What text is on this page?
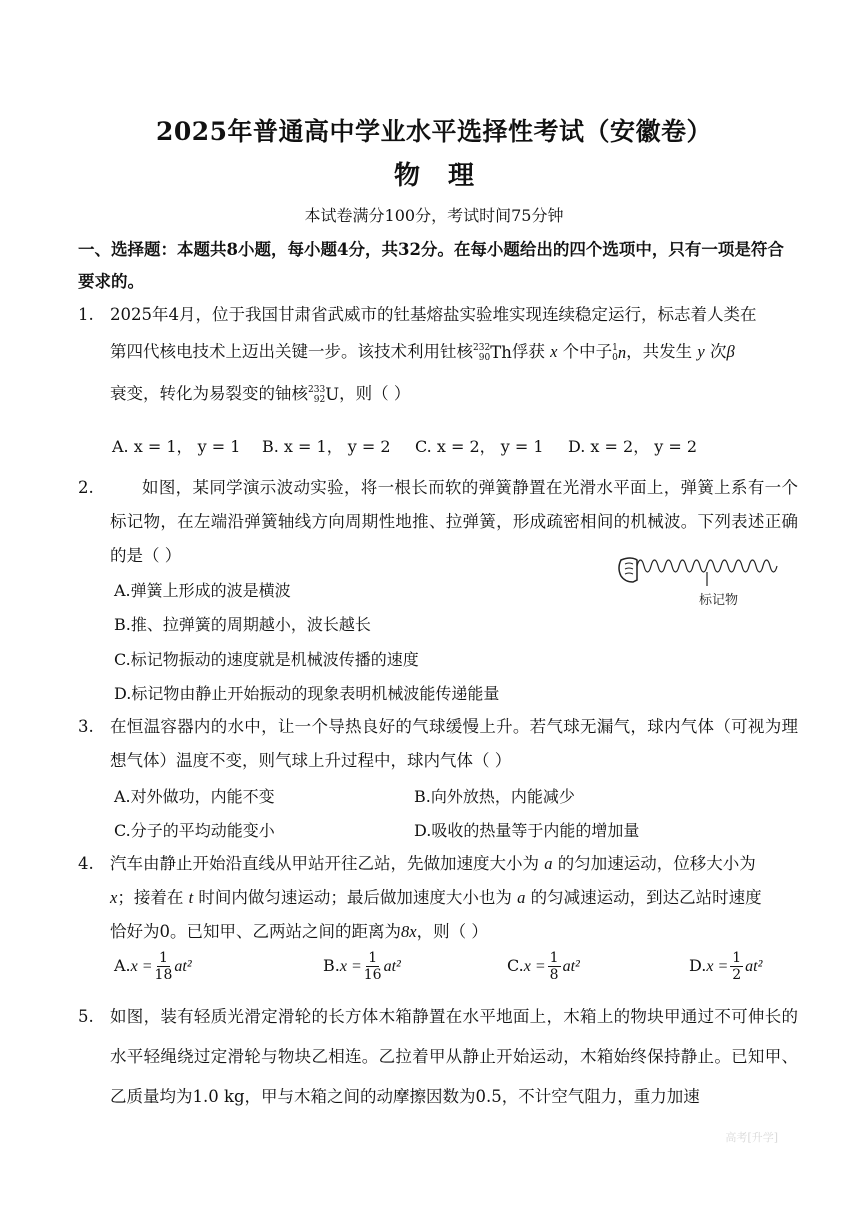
2025年普通高中学业水平选择性考试（安徽卷）
物理
本试卷满分100分，考试时间75分钟
一、选择题：本题共8小题，每小题4分，共32分。在每小题给出的四个选项中，只有一项是符合要求的。
1. 2025年4月，位于我国甘肃省武威市的钍基熔盐实验堆实现连续稳定运行，标志着人类在
第四代核电技术上迈出关键一步。该技术利用钍核 232
90 Th俘获 x 个中子 1
0 n，共发生 y 次β
衰变，转化为易裂变的铀核 233
92 U，则（ ）
A. x = 1， y = 1 B. x = 1， y = 2 C. x = 2， y = 1 D. x = 2， y = 2
2.	如图，某同学演示波动实验，将一根长而软的弹簧静置在光滑水平面上，弹簧上系有一个标记物，在左端沿弹簧轴线方向周期性地推、拉弹簧，形成疏密相间的机械波。下列表述正确的是（ ）
A.弹簧上形成的波是横波
B.推、拉弹簧的周期越小，波长越长
C.标记物振动的速度就是机械波传播的速度
D.标记物由静止开始振动的现象表明机械波能传递能量
标记物
3. 在恒温容器内的水中，让一个导热良好的气球缓慢上升。若气球无漏气，球内气体（可视为理想气体）温度不变，则气球上升过程中，球内气体（ ）
A.对外做功，内能不变	B.向外放热，内能减少
C.分子的平均动能变小	D.吸收的热量等于内能的增加量
4. 汽车由静止开始沿直线从甲站开往乙站，先做加速度大小为 a 的匀加速运动，位移大小为
x；接着在 t 时间内做匀速运动；最后做加速度大小也为 a 的匀减速运动，到达乙站时速度
恰好为0。已知甲、乙两站之间的距离为8x，则（ ）
$A.x = \frac{1}{18} at^2$	$B.x = \frac{1}{16} at^2$	$C.x = \frac{1}{8} at^2$	$D.x = \frac{1}{2} at^2$
5. 如图，装有轻质光滑定滑轮的长方体木箱静置在水平地面上，木箱上的物块甲通过不可伸长的水平轻绳绕过定滑轮与物块乙相连。乙拉着甲从静止开始运动，木箱始终保持静止。已知甲、乙质量均为1.0 kg，甲与木箱之间的动摩擦因数为0.5，不计空气阻力，重力加速
高考[升学]
